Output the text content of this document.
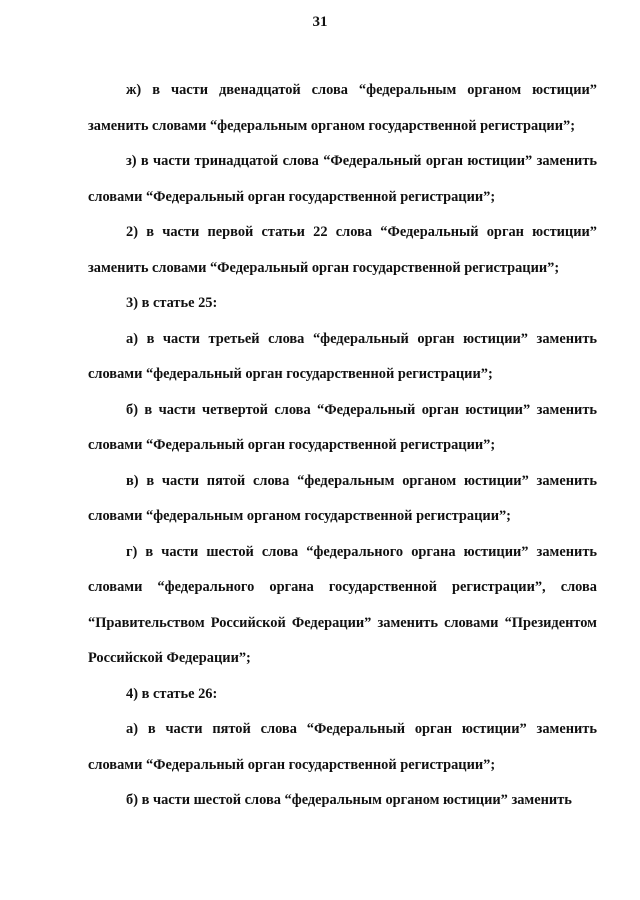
31

ж) в части двенадцатой слова “федеральным органом юстиции” заменить словами “федеральным органом государственной регистрации”;

з) в части тринадцатой слова “Федеральный орган юстиции” заменить словами “Федеральный орган государственной регистрации”;

2) в части первой статьи 22 слова “Федеральный орган юстиции” заменить словами “Федеральный орган государственной регистрации”;

3) в статье 25:

а) в части третьей слова “федеральный орган юстиции” заменить словами “федеральный орган государственной регистрации”;

б) в части четвертой слова “Федеральный орган юстиции” заменить словами “Федеральный орган государственной регистрации”;

в) в части пятой слова “федеральным органом юстиции” заменить словами “федеральным органом государственной регистрации”;

г) в части шестой слова “федерального органа юстиции” заменить словами “федерального органа государственной регистрации”, слова “Правительством Российской Федерации” заменить словами “Президентом Российской Федерации”;

4) в статье 26:

а) в части пятой слова “Федеральный орган юстиции” заменить словами “Федеральный орган государственной регистрации”;

б) в части шестой слова “федеральным органом юстиции” заменить
